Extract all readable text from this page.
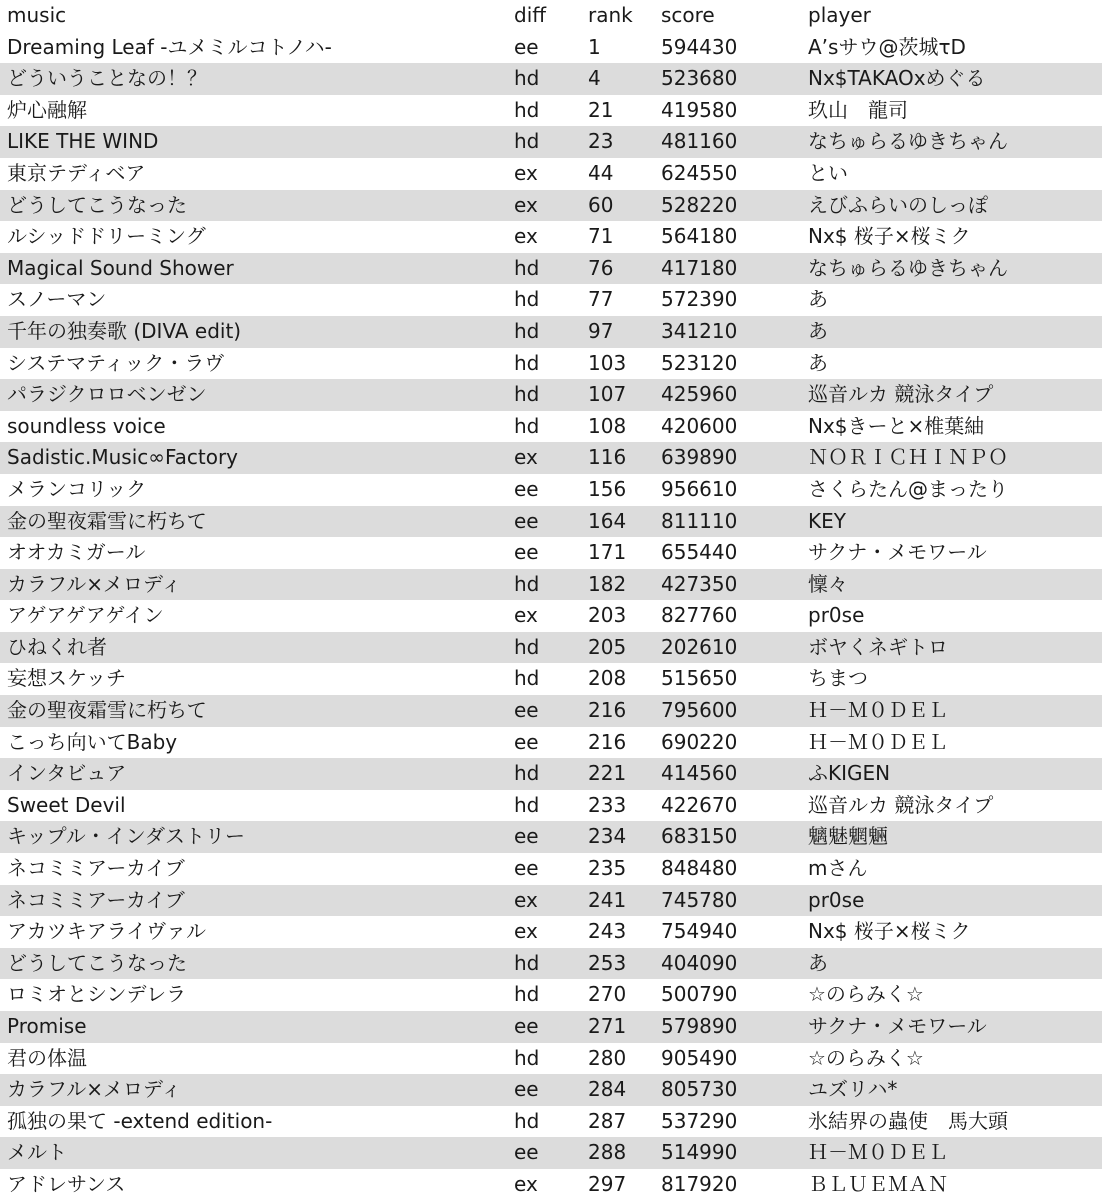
music	diff	rank	score	player
Dreaming Leaf -ユメミルコトノハ-	ee	1	594430	A’sサウ@茨城τD
どういうことなの！？	hd	4	523680	Nx$TAKAOxめぐる
炉心融解	hd	21	419580	玖山　龍司
LIKE THE WIND	hd	23	481160	なちゅらるゆきちゃん
東京テディベア	ex	44	624550	とい
どうしてこうなった	ex	60	528220	えびふらいのしっぽ
ルシッドドリーミング	ex	71	564180	Nx$ 桜子×桜ミク
Magical Sound Shower	hd	76	417180	なちゅらるゆきちゃん
スノーマン	hd	77	572390	あ
千年の独奏歌 (DIVA edit)	hd	97	341210	あ
システマティック・ラヴ	hd	103	523120	あ
パラジクロロベンゼン	hd	107	425960	巡音ルカ 競泳タイプ
soundless voice	hd	108	420600	Nx$きーと×椎葉紬
Sadistic.Music∞Factory	ex	116	639890	ＮＯＲＩＣＨＩＮＰＯ
メランコリック	ee	156	956610	さくらたん@まったり
金の聖夜霜雪に朽ちて	ee	164	811110	KEY
オオカミガール	ee	171	655440	サクナ・メモワール
カラフル×メロディ	hd	182	427350	懍々
アゲアゲアゲイン	ex	203	827760	pr0se
ひねくれ者	hd	205	202610	ボヤくネギトロ
妄想スケッチ	hd	208	515650	ちまつ
金の聖夜霜雪に朽ちて	ee	216	795600	Ｈ－Ｍ０ＤＥＬ
こっち向いてBaby	ee	216	690220	Ｈ－Ｍ０ＤＥＬ
インタビュア	hd	221	414560	ふKIGEN
Sweet Devil	hd	233	422670	巡音ルカ 競泳タイプ
キップル・インダストリー	ee	234	683150	魑魅魍魎
ネコミミアーカイブ	ee	235	848480	mさん
ネコミミアーカイブ	ex	241	745780	pr0se
アカツキアライヴァル	ex	243	754940	Nx$ 桜子×桜ミク
どうしてこうなった	hd	253	404090	あ
ロミオとシンデレラ	hd	270	500790	☆のらみく☆
Promise	ee	271	579890	サクナ・メモワール
君の体温	hd	280	905490	☆のらみく☆
カラフル×メロディ	ee	284	805730	ユズリハ*
孤独の果て -extend edition-	hd	287	537290	氷結界の蟲使　馬大頭
メルト	ee	288	514990	Ｈ－Ｍ０ＤＥＬ
アドレサンス	ex	297	817920	ＢＬＵＥＭＡＮ
